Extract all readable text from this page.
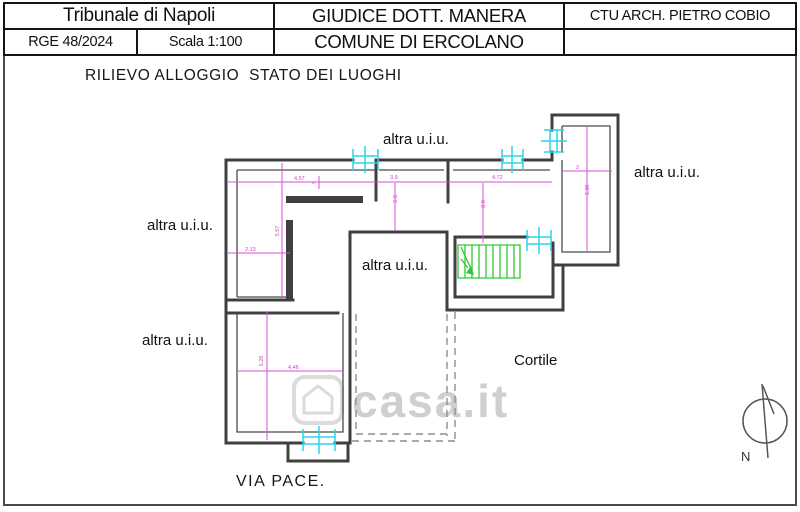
Tribunale di Napoli	GIUDICE DOTT. MANERA	CTU ARCH. PIETRO COBIO
RGE 48/2024	Scala 1:100	COMUNE DI ERCOLANO
casa.it
RILIEVO ALLOGGIO  STATO DEI LUOGHI
4.57
m
3.9	4.72
2
2.13
4.46
5.57
2.3
2.8
3.38
5.26
altra u.i.u.
altra u.i.u.
altra u.i.u.
altra u.i.u.
altra u.i.u.
Cortile
VIA PACE.
N
